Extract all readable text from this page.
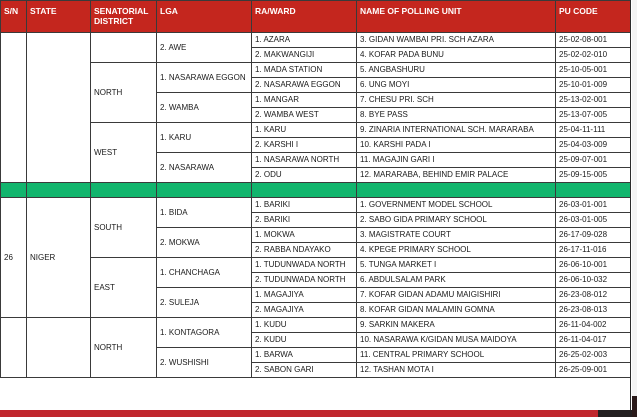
S/N	STATE	SENATORIAL DISTRICT	LGA	RA/WARD	NAME OF POLLING UNIT	PU CODE
			2. AWE	1. AZARA	3. GIDAN WAMBAI PRI. SCH AZARA	25-02-08-001
				2. MAKWANGIJI	4. KOFAR PADA BUNU	25-02-02-010
		NORTH	1. NASARAWA EGGON	1. MADA STATION	5. ANGBASHURU	25-10-05-001
				2. NASARAWA EGGON	6. UNG MOYI	25-10-01-009
			2. WAMBA	1. MANGAR	7. CHESU PRI. SCH	25-13-02-001
				2. WAMBA WEST	8. BYE PASS	25-13-07-005
		WEST	1. KARU	1. KARU	9. ZINARIA INTERNATIONAL SCH. MARARABA	25-04-11-111
				2. KARSHI I	10. KARSHI PADA I	25-04-03-009
			2. NASARAWA	1. NASARAWA NORTH	11. MAGAJIN GARI I	25-09-07-001
				2. ODU	12. MARARABA, BEHIND EMIR PALACE	25-09-15-005

26	NIGER	SOUTH	1. BIDA	1. BARIKI	1. GOVERNMENT MODEL SCHOOL	26-03-01-001
				2. BARIKI	2. SABO GIDA PRIMARY SCHOOL	26-03-01-005
			2. MOKWA	1. MOKWA	3. MAGISTRATE COURT	26-17-09-028
				2. RABBA NDAYAKO	4. KPEGE PRIMARY SCHOOL	26-17-11-016
		EAST	1. CHANCHAGA	1. TUDUNWADA NORTH	5. TUNGA MARKET I	26-06-10-001
				2. TUDUNWADA NORTH	6. ABDULSALAM PARK	26-06-10-032
			2. SULEJA	1. MAGAJIYA	7. KOFAR GIDAN ADAMU MAIGISHIRI	26-23-08-012
				2. MAGAJIYA	8. KOFAR GIDAN MALAMIN GOMNA	26-23-08-013
		NORTH	1. KONTAGORA	1. KUDU	9. SARKIN MAKERA	26-11-04-002
				2. KUDU	10. NASARAWA K/GIDAN MUSA MAIDOYA	26-11-04-017
			2. WUSHISHI	1. BARWA	11. CENTRAL PRIMARY SCHOOL	26-25-02-003
				2. SABON GARI	12. TASHAN MOTA I	26-25-09-001
